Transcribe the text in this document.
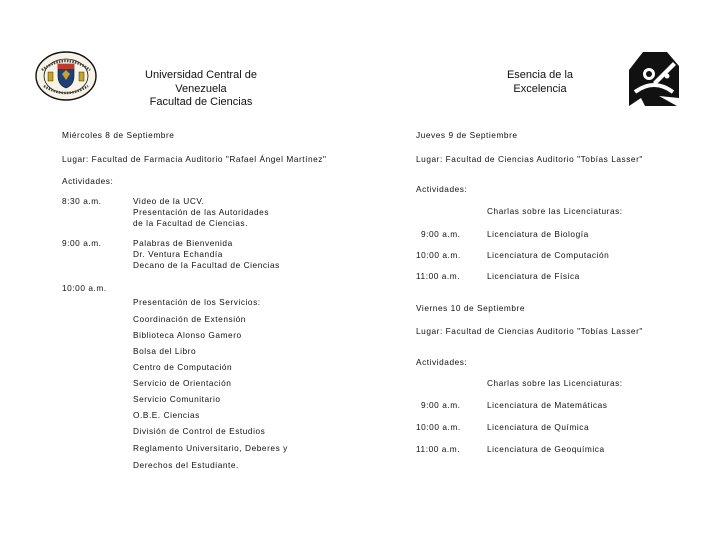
Universidad Central de
Venezuela
Facultad de Ciencias
Esencia de la
Excelencia
Miércoles 8 de Septiembre
Lugar: Facultad de Farmacia Auditorio "Rafael Ángel Martínez"
Actividades:
8:30 a.m.	Video de la UCV.
Presentación de las Autoridades
de la Facultad de Ciencias.
9:00 a.m.	Palabras de Bienvenida
Dr. Ventura Echandía
Decano de la Facultad de Ciencias
10:00 a.m.
Presentación de los Servicios:
Coordinación de Extensión
Biblioteca Alonso Gamero
Bolsa del Libro
Centro de Computación
Servicio de Orientación
Servicio Comunitario
O.B.E. Ciencias
División de Control de Estudios
Reglamento Universitario, Deberes y
Derechos del Estudiante.
Jueves 9 de Septiembre
Lugar: Facultad de Ciencias Auditorio "Tobías Lasser"
Actividades:
Charlas sobre las Licenciaturas:
9:00 a.m.	Licenciatura de Biología
10:00 a.m.	Licenciatura de Computación
11:00 a.m.	Licenciatura de Física
Viernes 10 de Septiembre
Lugar: Facultad de Ciencias Auditorio "Tobías Lasser"
Actividades:
Charlas sobre las Licenciaturas:
9:00 a.m.	Licenciatura de Matemáticas
10:00 a.m.	Licenciatura de Química
11:00 a.m.	Licenciatura de Geoquímica
